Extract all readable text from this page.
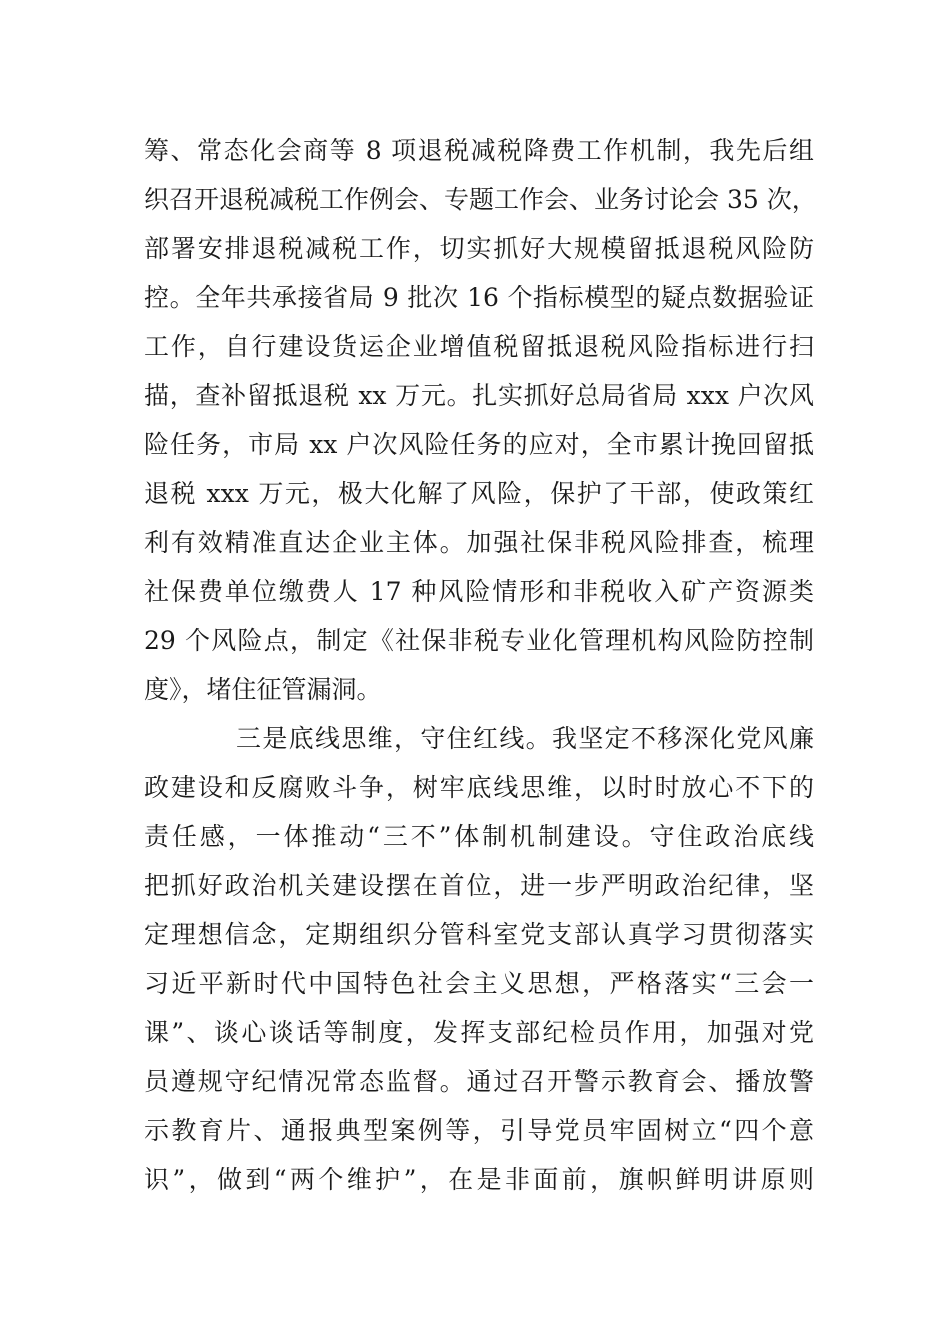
筹、常态化会商等 8 项退税减税降费工作机制，我先后组
织召开退税减税工作例会、专题工作会、业务讨论会 35 次，
部署安排退税减税工作，切实抓好大规模留抵退税风险防
控。全年共承接省局 9 批次 16 个指标模型的疑点数据验证
工作，自行建设货运企业增值税留抵退税风险指标进行扫
描，查补留抵退税 xx 万元。扎实抓好总局省局 xxx 户次风
险任务，市局 xx 户次风险任务的应对，全市累计挽回留抵
退税 xxx 万元，极大化解了风险，保护了干部，使政策红
利有效精准直达企业主体。加强社保非税风险排查，梳理
社保费单位缴费人 17 种风险情形和非税收入矿产资源类
29 个风险点，制定《社保非税专业化管理机构风险防控制
度》，堵住征管漏洞。
三是底线思维，守住红线。我坚定不移深化党风廉
政建设和反腐败斗争，树牢底线思维，以时时放心不下的
责任感，一体推动“三不”体制机制建设。守住政治底线
把抓好政治机关建设摆在首位，进一步严明政治纪律，坚
定理想信念，定期组织分管科室党支部认真学习贯彻落实
习近平新时代中国特色社会主义思想，严格落实“三会一
课”、谈心谈话等制度，发挥支部纪检员作用，加强对党
员遵规守纪情况常态监督。通过召开警示教育会、播放警
示教育片、通报典型案例等，引导党员牢固树立“四个意
识”，做到“两个维护”，在是非面前，旗帜鲜明讲原则
